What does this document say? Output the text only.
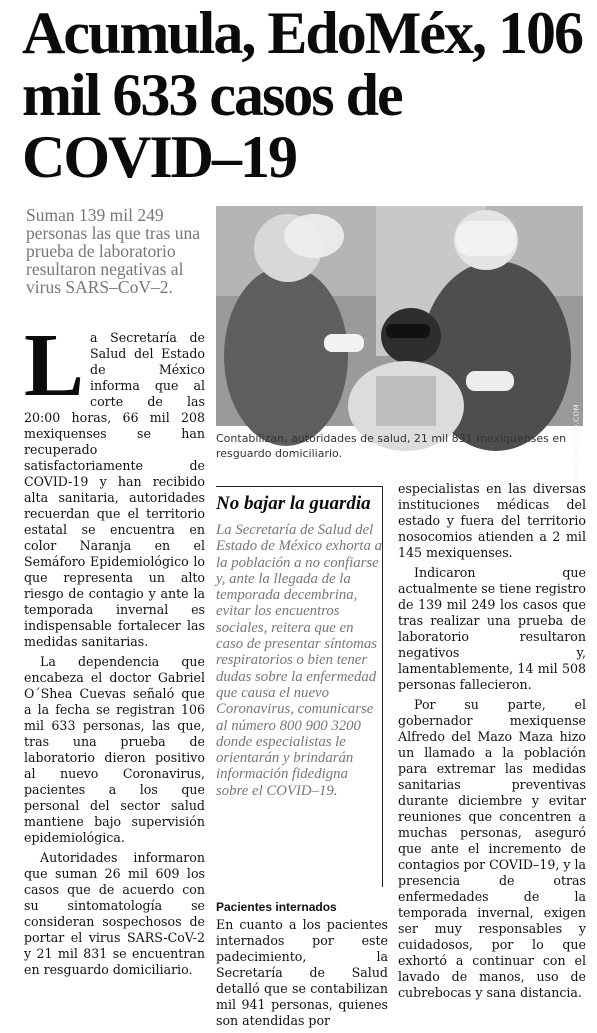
Acumula, EdoMéx, 106 mil 633 casos de COVID–19

Suman 139 mil 249 personas las que tras una prueba de laboratorio resultaron negativas al virus SARS–CoV–2.

ANIMALPOLITICO.COM

Contabilizan, autoridades de salud, 21 mil 831 mexiquenses en resguardo domiciliario.

L a Secretaría de Salud del Estado de México informa que al corte de las 20:00 horas, 66 mil 208 mexiquenses se han recuperado satisfactoriamente de COVID-19 y han recibido alta sanitaria, autoridades recuerdan que el territorio estatal se encuentra en color Naranja en el Semáforo Epidemiológico lo que representa un alto riesgo de contagio y ante la temporada invernal es indispensable fortalecer las medidas sanitarias.

La dependencia que encabeza el doctor Gabriel O´Shea Cuevas señaló que a la fecha se registran 106 mil 633 personas, las que, tras una prueba de laboratorio dieron positivo al nuevo Coronavirus, pacientes a los que personal del sector salud mantiene bajo supervisión epidemiológica.

Autoridades informaron que suman 26 mil 609 los casos que de acuerdo con su sintomatología se consideran sospechosos de portar el virus SARS-CoV-2 y 21 mil 831 se encuentran en resguardo domiciliario.

No bajar la guardia

La Secretaría de Salud del Estado de México exhorta a la población a no confiarse y, ante la llegada de la temporada decembrina, evitar los encuentros sociales, reitera que en caso de presentar síntomas respiratorios o bien tener dudas sobre la enfermedad que causa el nuevo Coronavirus, comunicarse al número 800 900 3200 donde especialistas le orientarán y brindarán información fidedigna sobre el COVID–19.

Pacientes internados

En cuanto a los pacientes internados por este padecimiento, la Secretaría de Salud detalló que se contabilizan mil 941 personas, quienes son atendidas por

especialistas en las diversas instituciones médicas del estado y fuera del territorio nosocomios atienden a 2 mil 145 mexiquenses.

Indicaron que actualmente se tiene registro de 139 mil 249 los casos que tras realizar una prueba de laboratorio resultaron negativos y, lamentablemente, 14 mil 508 personas fallecieron.

Por su parte, el gobernador mexiquense Alfredo del Mazo Maza hizo un llamado a la población para extremar las medidas sanitarias preventivas durante diciembre y evitar reuniones que concentren a muchas personas, aseguró que ante el incremento de contagios por COVID–19, y la presencia de otras enfermedades de la temporada invernal, exigen ser muy responsables y cuidadosos, por lo que exhortó a continuar con el lavado de manos, uso de cubrebocas y sana distancia.
